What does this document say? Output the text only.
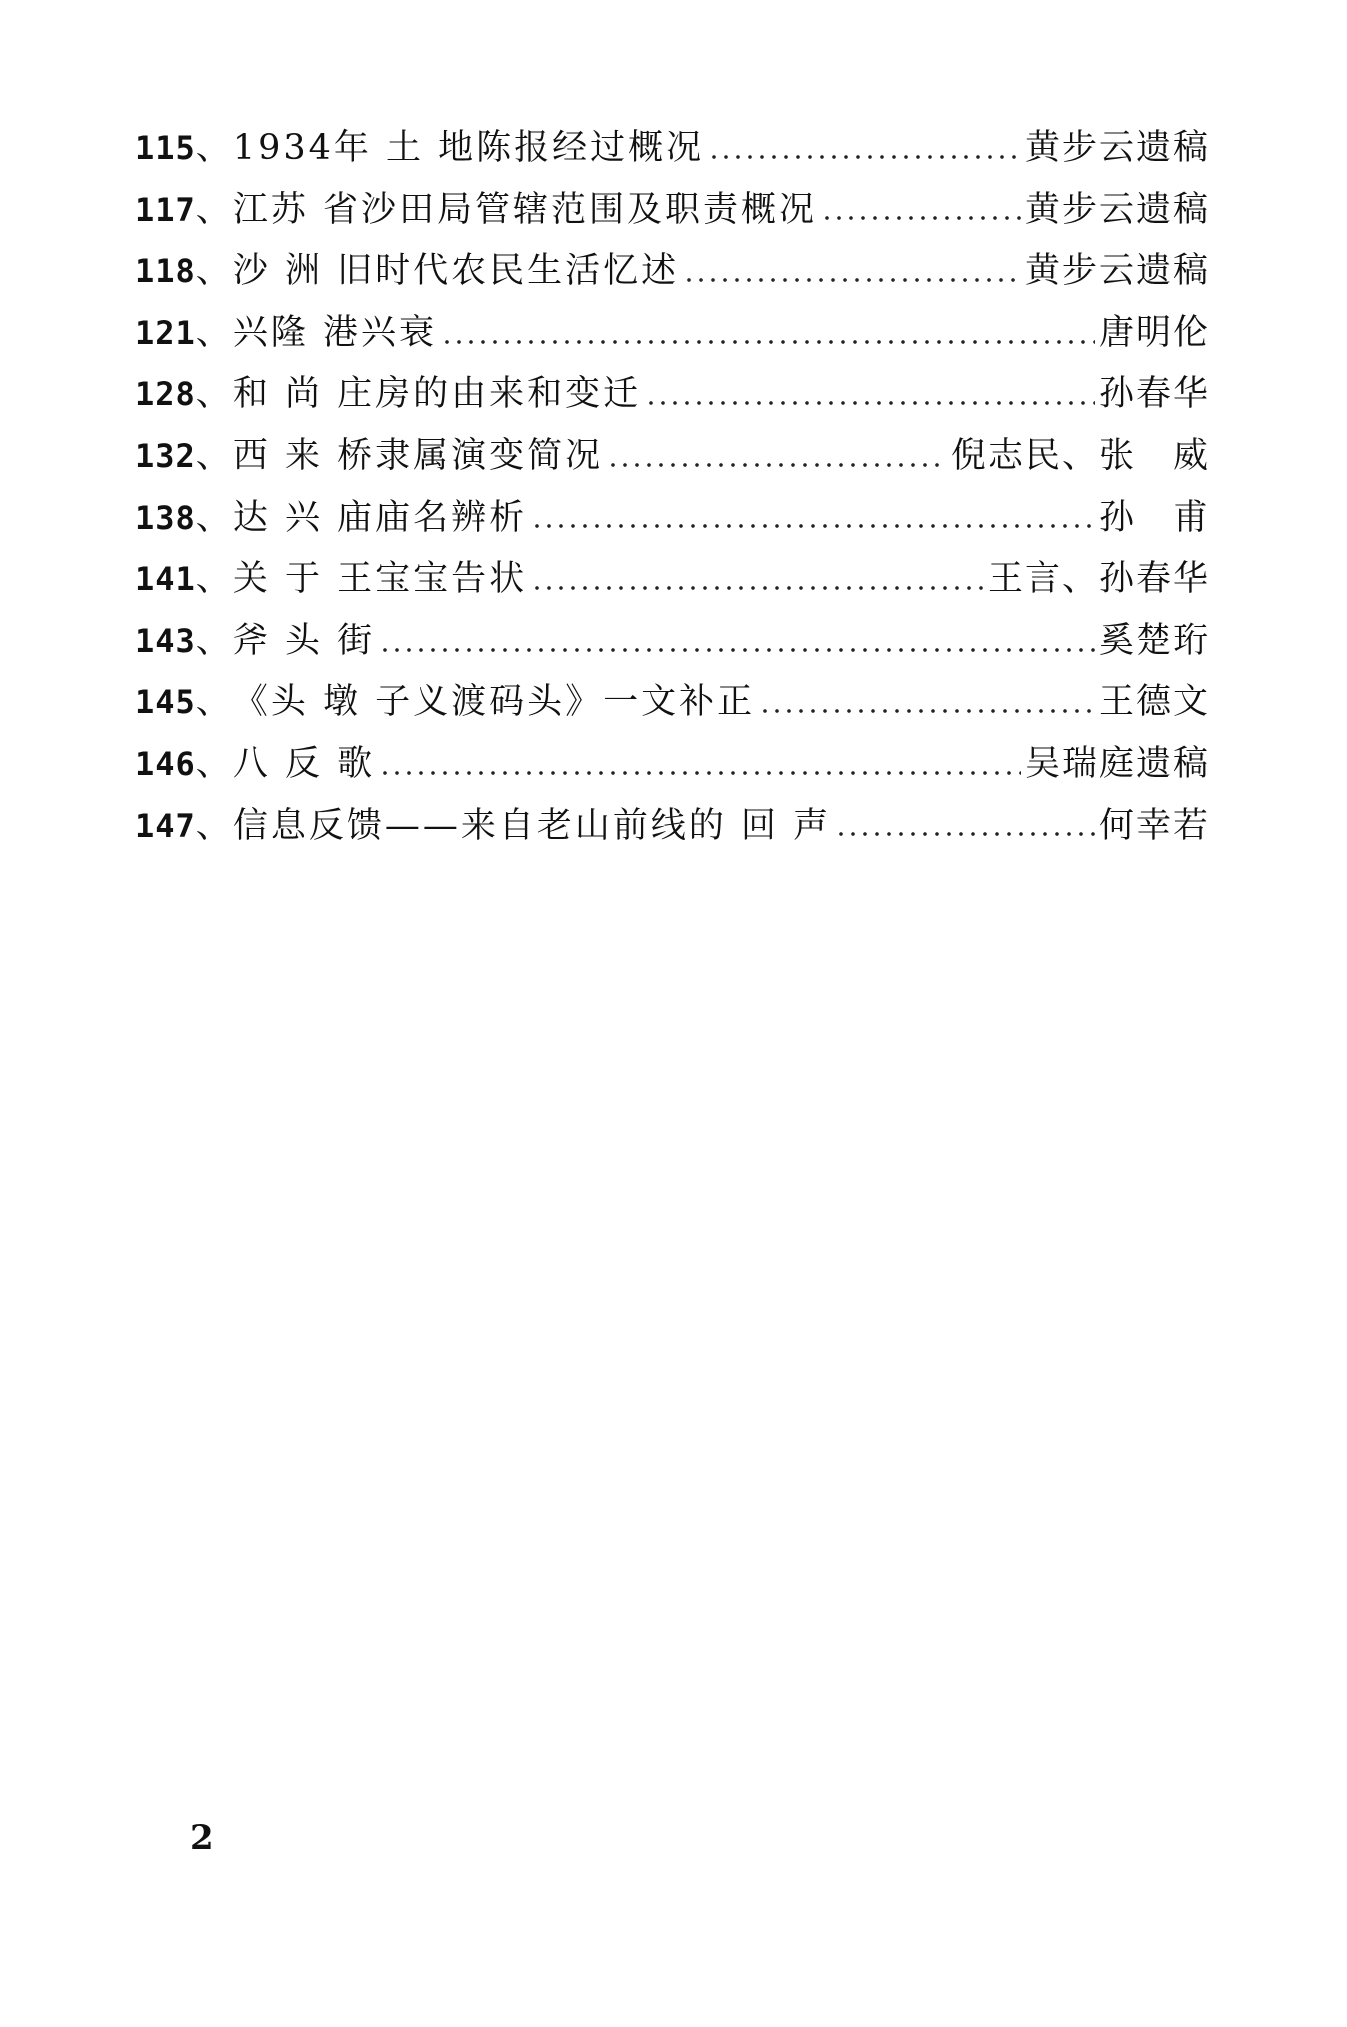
115 、 1934年 土 地陈报经过概况	黄步云遗稿
117 、 江苏 省沙田局管辖范围及职责概况	黄步云遗稿
118 、 沙 洲 旧时代农民生活忆述	黄步云遗稿
121 、 兴隆 港兴衰	唐明伦
128 、 和 尚 庄房的由来和变迁	孙春华
132 、 西 来 桥隶属演变简况	倪志民、张　威
138 、 达 兴 庙庙名辨析	孙　甫
141 、 关 于 王宝宝告状	王言、孙春华
143 、 斧 头 街	奚楚珩
145 、 《头 墩 子义渡码头》一文补正	王德文
146 、 八 反 歌	吴瑞庭遗稿
147 、 信息反馈——来自老山前线的 回 声	何幸若
2
